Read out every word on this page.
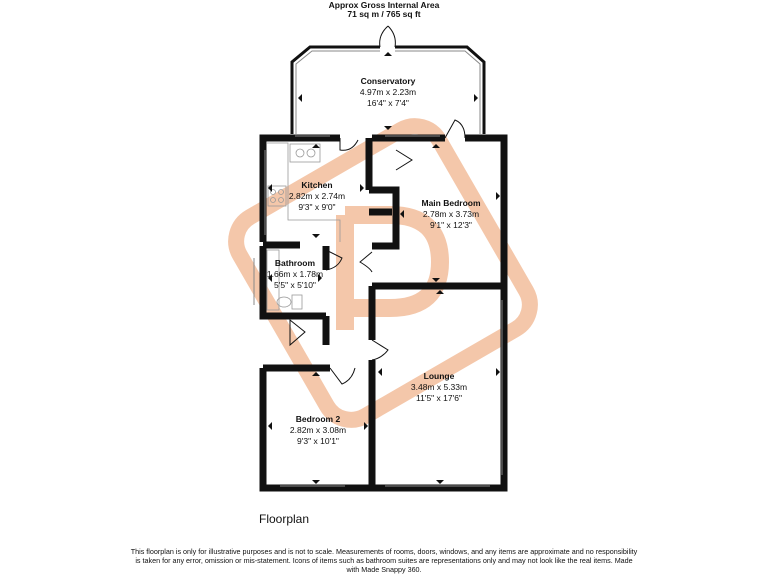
Approx Gross Internal Area
71 sq m / 765 sq ft
Conservatory
4.97m x 2.23m
16'4" x 7'4"
Kitchen
2.82m x 2.74m
9'3" x 9'0"	Main Bedroom
2.78m x 3.73m
9'1" x 12'3"
Bathroom
1.66m x 1.78m
5'5" x 5'10"
Lounge
3.48m x 5.33m
11'5" x 17'6"
Bedroom 2
2.82m x 3.08m
9'3" x 10'1"
Floorplan
This floorplan is only for illustrative purposes and is not to scale. Measurements of rooms, doors, windows, and any items are approximate and no responsibility is taken for any error, omission or mis-statement. Icons of items such as bathroom suites are representations only and may not look like the real items. Made with Made Snappy 360.
